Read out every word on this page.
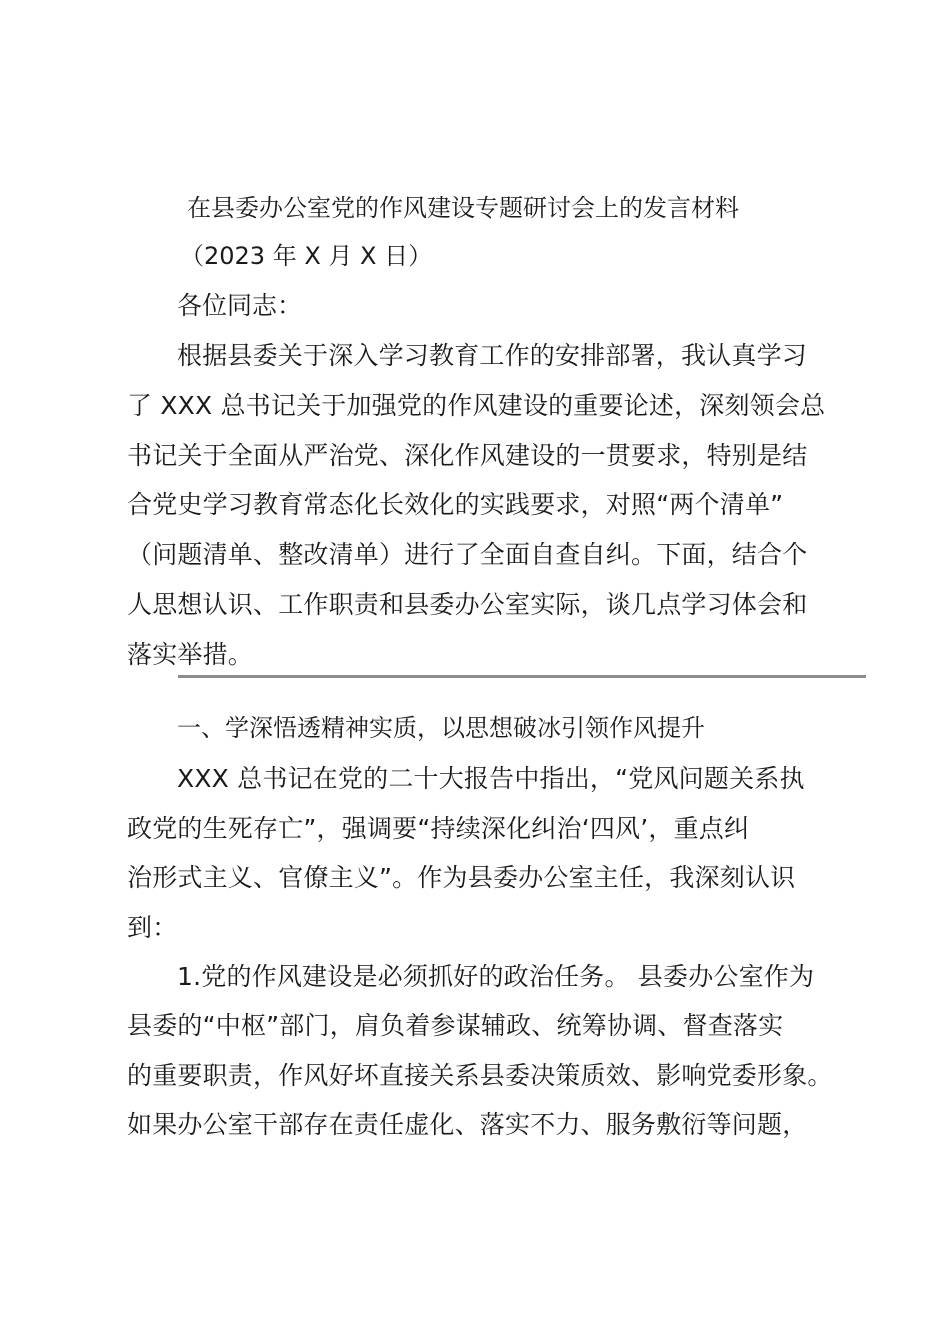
在县委办公室党的作风建设专题研讨会上的发言材料
（2023 年 X 月 X 日）
各位同志：
根据县委关于深入学习教育工作的安排部署，我认真学习
了 XXX 总书记关于加强党的作风建设的重要论述，深刻领会总
书记关于全面从严治党、深化作风建设的一贯要求，特别是结
合党史学习教育常态化长效化的实践要求，对照“两个清单”
（问题清单、整改清单）进行了全面自查自纠。下面，结合个
人思想认识、工作职责和县委办公室实际，谈几点学习体会和
落实举措。
一、学深悟透精神实质，以思想破冰引领作风提升
XXX 总书记在党的二十大报告中指出，“党风问题关系执
政党的生死存亡”，强调要“持续深化纠治‘四风’，重点纠
治形式主义、官僚主义”。作为县委办公室主任，我深刻认识
到：
1.党的作风建设是必须抓好的政治任务。 县委办公室作为
县委的“中枢”部门，肩负着参谋辅政、统筹协调、督查落实
的重要职责，作风好坏直接关系县委决策质效、影响党委形象。
如果办公室干部存在责任虚化、落实不力、服务敷衍等问题，
